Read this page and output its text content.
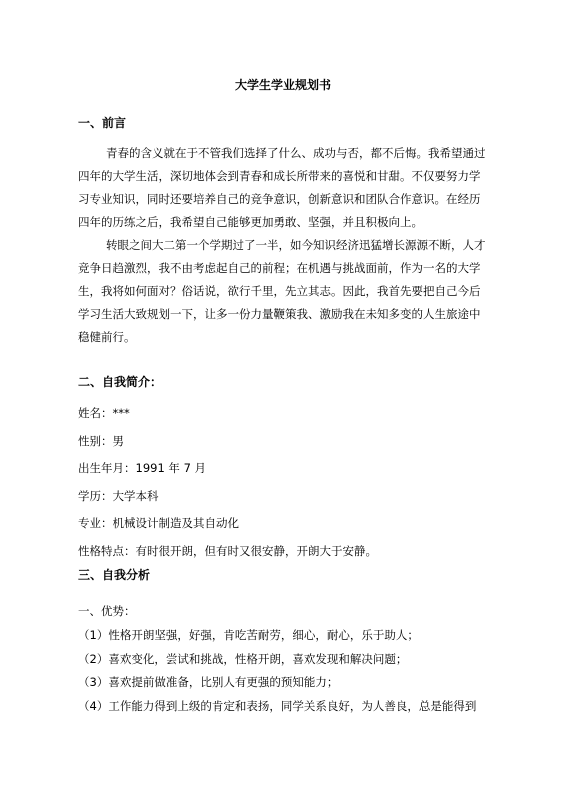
大学生学业规划书
一、前言
青春的含义就在于不管我们选择了什么、成功与否，都不后悔。我希望通过
四年的大学生活，深切地体会到青春和成长所带来的喜悦和甘甜。不仅要努力学
习专业知识，同时还要培养自己的竞争意识，创新意识和团队合作意识。在经历
四年的历练之后，我希望自己能够更加勇敢、坚强，并且积极向上。
转眼之间大二第一个学期过了一半，如今知识经济迅猛增长源源不断，人才
竞争日趋激烈，我不由考虑起自己的前程；在机遇与挑战面前，作为一名的大学
生，我将如何面对？俗话说，欲行千里，先立其志。因此，我首先要把自己今后
学习生活大致规划一下，让多一份力量鞭策我、激励我在未知多变的人生旅途中
稳健前行。
二、自我简介：
姓名：***
性别：男
出生年月：1991 年 7 月
学历：大学本科
专业：机械设计制造及其自动化
性格特点：有时很开朗，但有时又很安静，开朗大于安静。
三、自我分析
一、优势：
（1）性格开朗坚强，好强，肯吃苦耐劳，细心，耐心，乐于助人；
（2）喜欢变化，尝试和挑战，性格开朗，喜欢发现和解决问题；
（3）喜欢提前做准备，比别人有更强的预知能力；
（4）工作能力得到上级的肯定和表扬，同学关系良好，为人善良，总是能得到
